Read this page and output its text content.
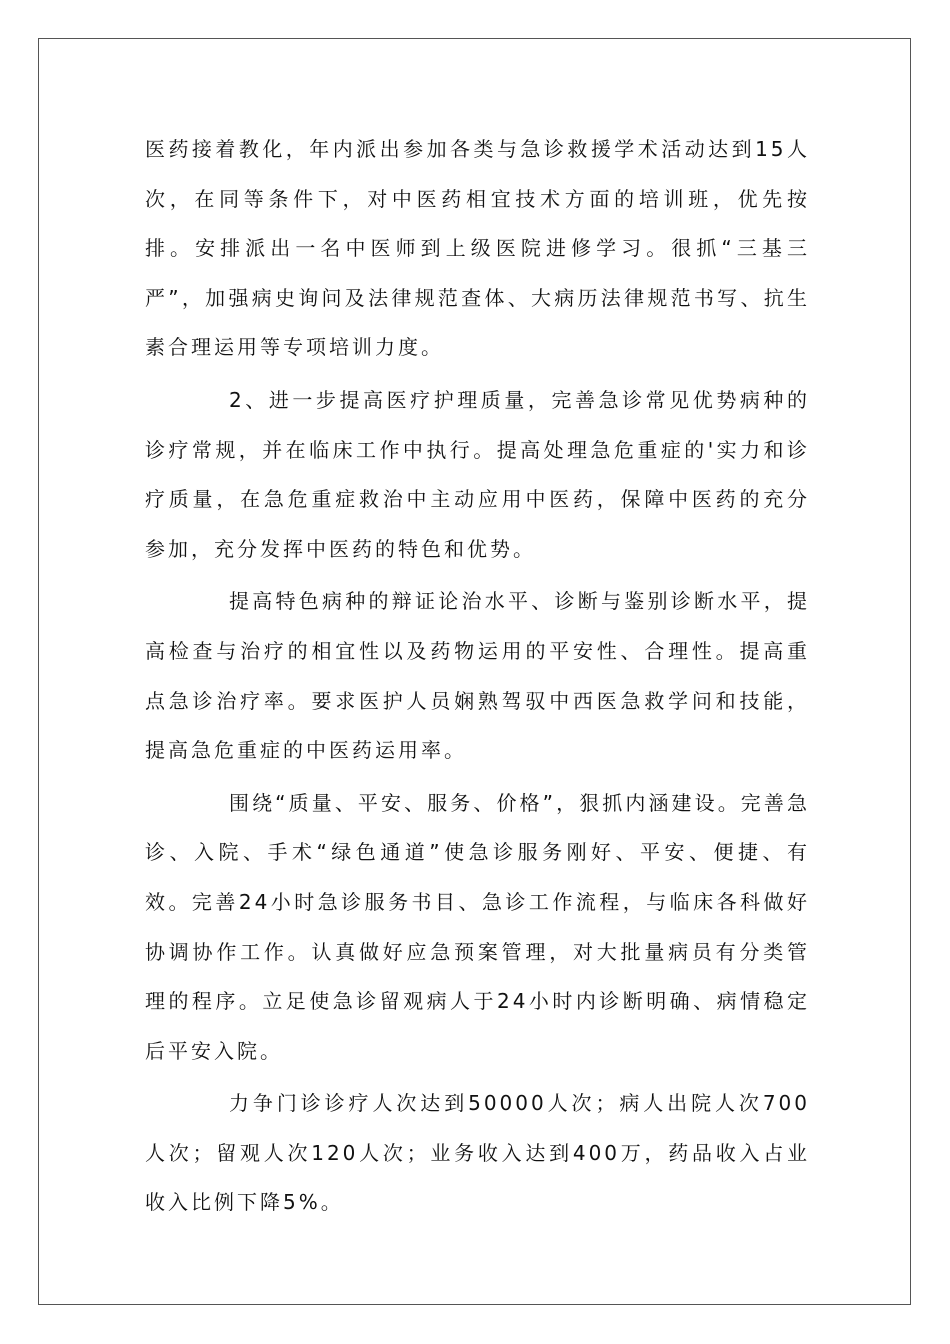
医药接着教化，年内派出参加各类与急诊救援学术活动达到15人次，在同等条件下，对中医药相宜技术方面的培训班，优先按排。安排派出一名中医师到上级医院进修学习。很抓“三基三严”，加强病史询问及法律规范查体、大病历法律规范书写、抗生素合理运用等专项培训力度。

2、进一步提高医疗护理质量，完善急诊常见优势病种的诊疗常规，并在临床工作中执行。提高处理急危重症的'实力和诊疗质量，在急危重症救治中主动应用中医药，保障中医药的充分参加，充分发挥中医药的特色和优势。

提高特色病种的辩证论治水平、诊断与鉴别诊断水平，提高检查与治疗的相宜性以及药物运用的平安性、合理性。提高重点急诊治疗率。要求医护人员娴熟驾驭中西医急救学问和技能，提高急危重症的中医药运用率。

围绕“质量、平安、服务、价格”，狠抓内涵建设。完善急诊、入院、手术“绿色通道”使急诊服务刚好、平安、便捷、有效。完善24小时急诊服务书目、急诊工作流程，与临床各科做好协调协作工作。认真做好应急预案管理，对大批量病员有分类管理的程序。立足使急诊留观病人于24小时内诊断明确、病情稳定后平安入院。

力争门诊诊疗人次达到50000人次；病人出院人次700人次；留观人次120人次；业务收入达到400万，药品收入占业收入比例下降5%。
